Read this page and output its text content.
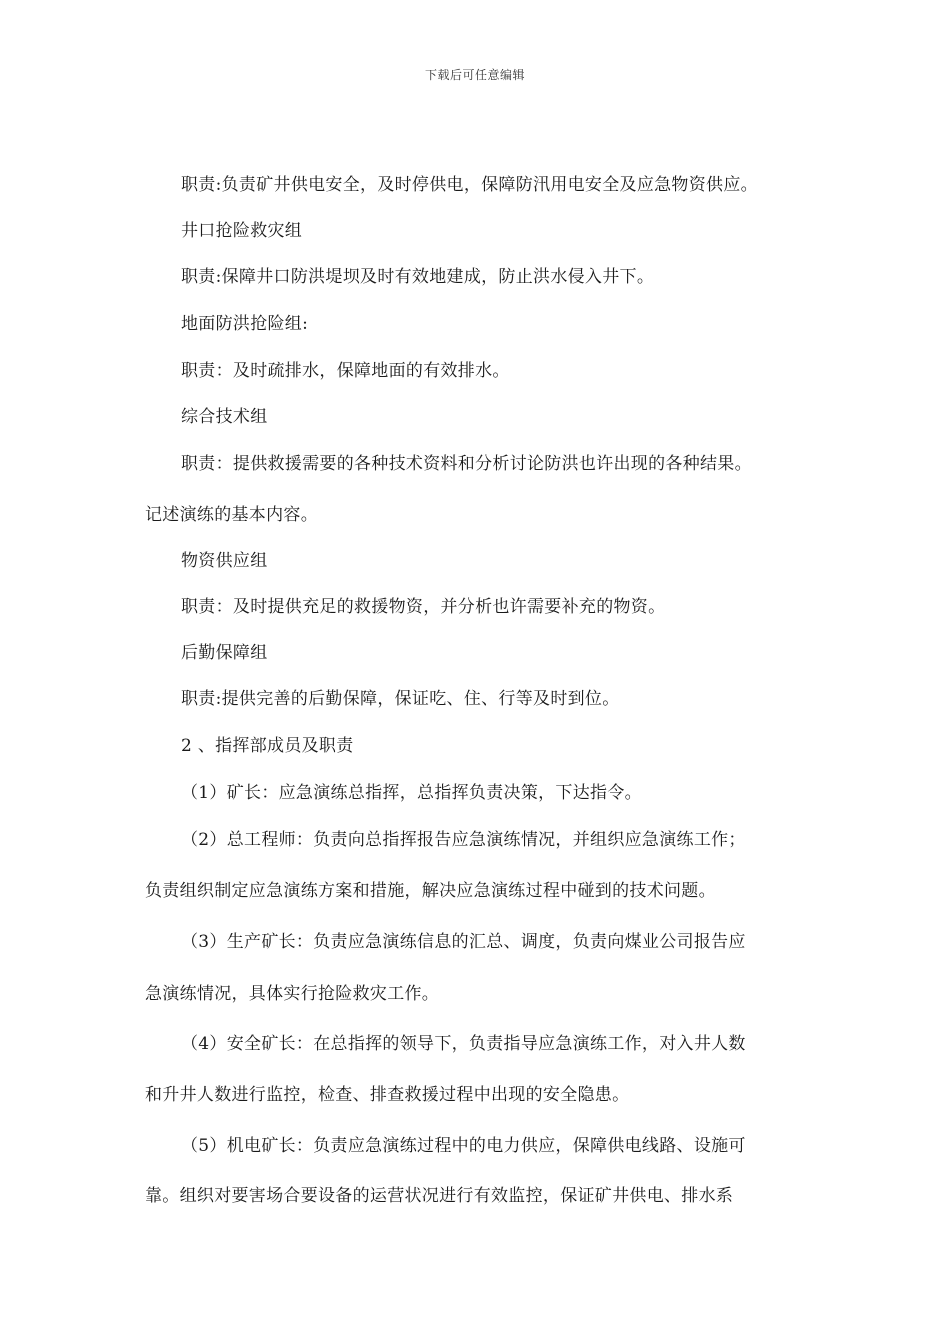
下载后可任意编辑

职责:负责矿井供电安全，及时停供电，保障防汛用电安全及应急物资供应。

井口抢险救灾组

职责:保障井口防洪堤坝及时有效地建成，防止洪水侵入井下。

地面防洪抢险组:

职责：及时疏排水，保障地面的有效排水。

综合技术组

职责：提供救援需要的各种技术资料和分析讨论防洪也许出现的各种结果。

记述演练的基本内容。

物资供应组

职责：及时提供充足的救援物资，并分析也许需要补充的物资。

后勤保障组

职责:提供完善的后勤保障，保证吃、住、行等及时到位。

2 、指挥部成员及职责

（1）矿长：应急演练总指挥，总指挥负责决策，下达指令。

（2）总工程师：负责向总指挥报告应急演练情况，并组织应急演练工作；

负责组织制定应急演练方案和措施，解决应急演练过程中碰到的技术问题。

（3）生产矿长：负责应急演练信息的汇总、调度，负责向煤业公司报告应

急演练情况，具体实行抢险救灾工作。

（4）安全矿长：在总指挥的领导下，负责指导应急演练工作，对入井人数

和升井人数进行监控，检查、排查救援过程中出现的安全隐患。

（5）机电矿长：负责应急演练过程中的电力供应，保障供电线路、设施可

靠。组织对要害场合要设备的运营状况进行有效监控，保证矿井供电、排水系
